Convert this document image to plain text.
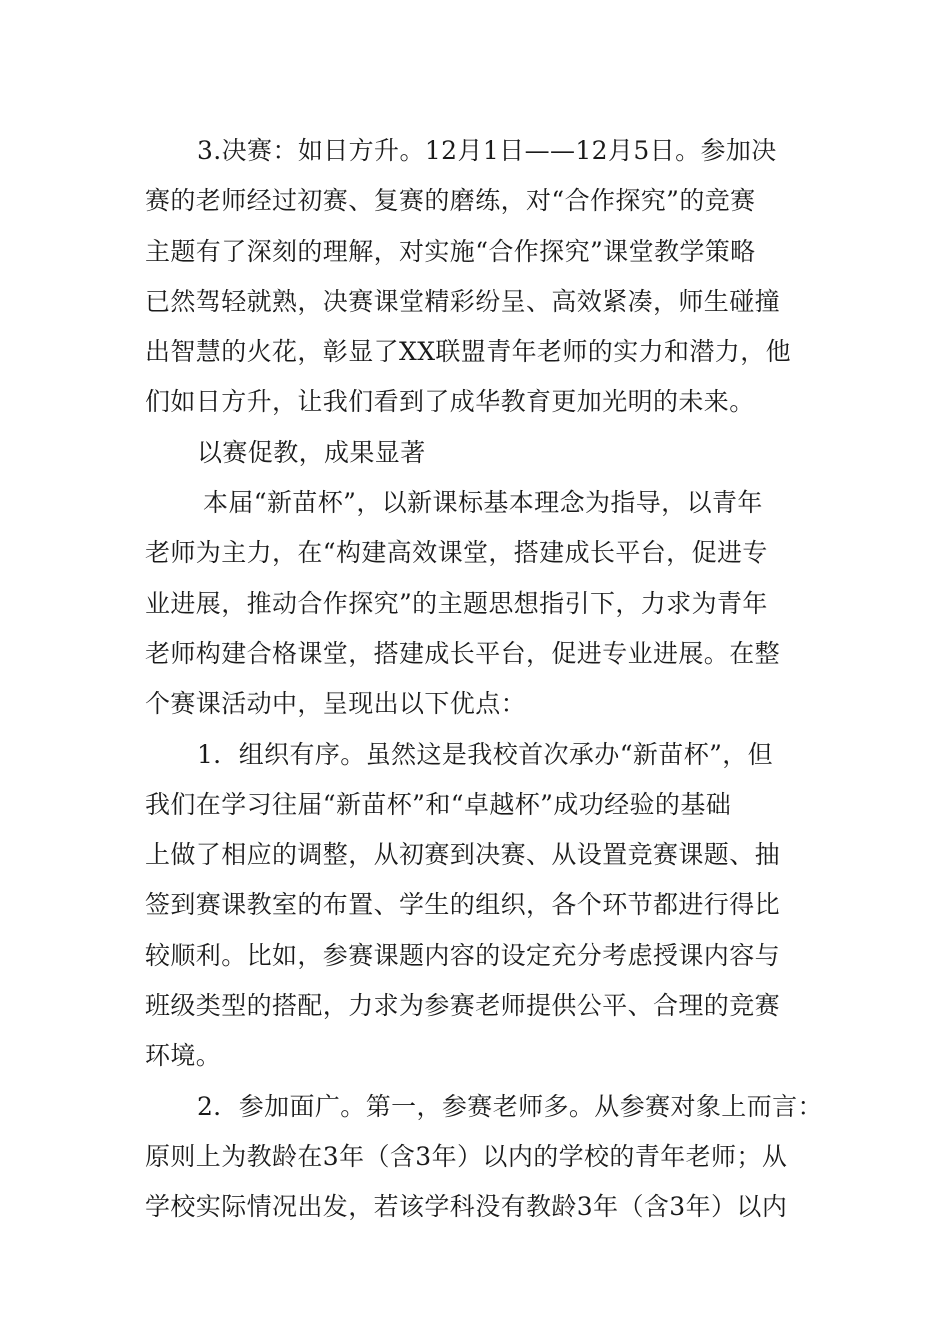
3.决赛：如日方升。12月1日——12月5日。参加决
赛的老师经过初赛、复赛的磨练，对“合作探究”的竞赛
主题有了深刻的理解，对实施“合作探究”课堂教学策略
已然驾轻就熟，决赛课堂精彩纷呈、高效紧凑，师生碰撞
出智慧的火花，彰显了XX联盟青年老师的实力和潜力，他
们如日方升，让我们看到了成华教育更加光明的未来。
以赛促教，成果显著
本届“新苗杯”，以新课标基本理念为指导，以青年
老师为主力，在“构建高效课堂，搭建成长平台，促进专
业进展，推动合作探究”的主题思想指引下，力求为青年
老师构建合格课堂，搭建成长平台，促进专业进展。在整
个赛课活动中，呈现出以下优点：
1．组织有序。虽然这是我校首次承办“新苗杯”，但
我们在学习往届“新苗杯”和“卓越杯”成功经验的基础
上做了相应的调整，从初赛到决赛、从设置竞赛课题、抽
签到赛课教室的布置、学生的组织，各个环节都进行得比
较顺利。比如，参赛课题内容的设定充分考虑授课内容与
班级类型的搭配，力求为参赛老师提供公平、合理的竞赛
环境。
2．参加面广。第一，参赛老师多。从参赛对象上而言：
原则上为教龄在3年（含3年）以内的学校的青年老师；从
学校实际情况出发，若该学科没有教龄3年（含3年）以内
